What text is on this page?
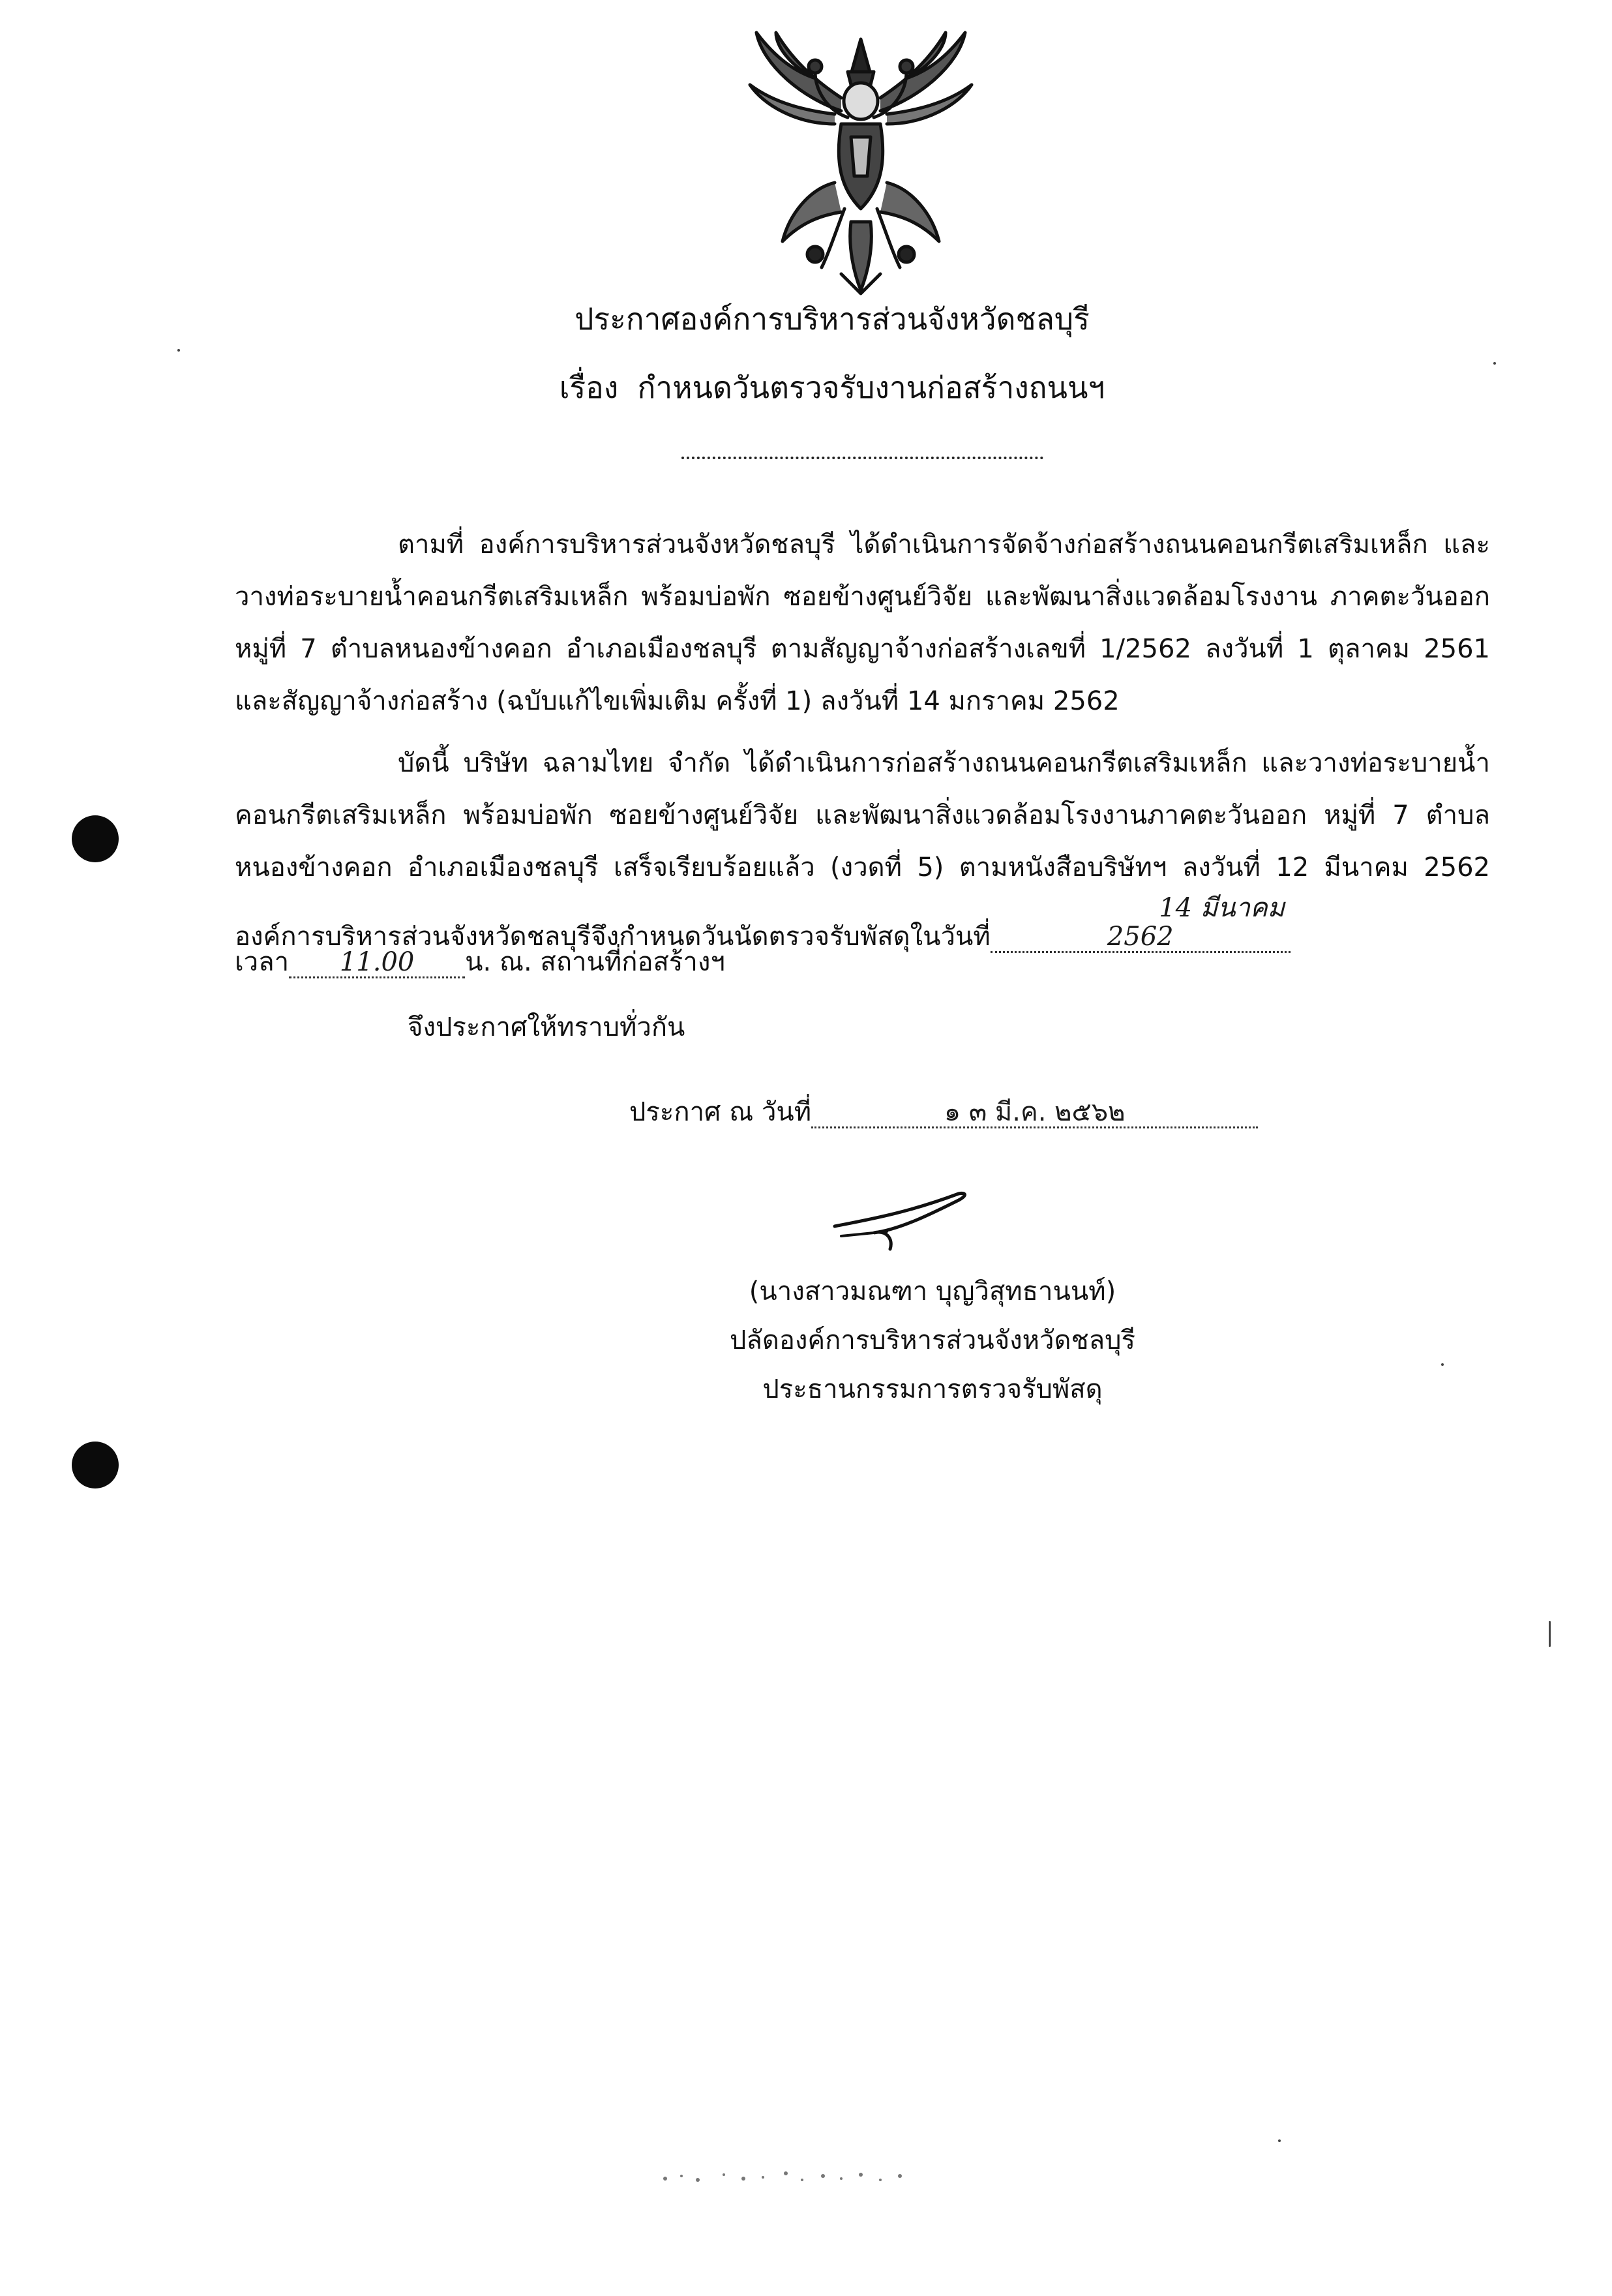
ประกาศองค์การบริหารส่วนจังหวัดชลบุรี
เรื่อง กำหนดวันตรวจรับงานก่อสร้างถนนฯ
ตามที่ องค์การบริหารส่วนจังหวัดชลบุรี ได้ดำเนินการจัดจ้างก่อสร้างถนนคอนกรีตเสริมเหล็ก และวางท่อระบายน้ำคอนกรีตเสริมเหล็ก พร้อมบ่อพัก ซอยข้างศูนย์วิจัย และพัฒนาสิ่งแวดล้อมโรงงาน ภาคตะวันออก หมู่ที่ 7 ตำบลหนองข้างคอก อำเภอเมืองชลบุรี ตามสัญญาจ้างก่อสร้างเลขที่ 1/2562 ลงวันที่ 1 ตุลาคม 2561 และสัญญาจ้างก่อสร้าง (ฉบับแก้ไขเพิ่มเติม ครั้งที่ 1) ลงวันที่ 14 มกราคม 2562
บัดนี้ บริษัท ฉลามไทย จำกัด ได้ดำเนินการก่อสร้างถนนคอนกรีตเสริมเหล็ก และวางท่อระบายน้ำคอนกรีตเสริมเหล็ก พร้อมบ่อพัก ซอยข้างศูนย์วิจัย และพัฒนาสิ่งแวดล้อมโรงงานภาคตะวันออก หมู่ที่ 7 ตำบลหนองข้างคอก อำเภอเมืองชลบุรี เสร็จเรียบร้อยแล้ว (งวดที่ 5) ตามหนังสือบริษัทฯ ลงวันที่ 12 มีนาคม 2562 องค์การบริหารส่วนจังหวัดชลบุรีจึงกำหนดวันนัดตรวจรับพัสดุในวันที่14 มีนาคม 2562
เวลา 11.00 น. ณ. สถานที่ก่อสร้างฯ
จึงประกาศให้ทราบทั่วกัน
ประกาศ ณ วันที่	๑ ๓ มี.ค. ๒๕๖๒
(นางสาวมณฑา บุญวิสุทธานนท์)
ปลัดองค์การบริหารส่วนจังหวัดชลบุรี
ประธานกรรมการตรวจรับพัสดุ
